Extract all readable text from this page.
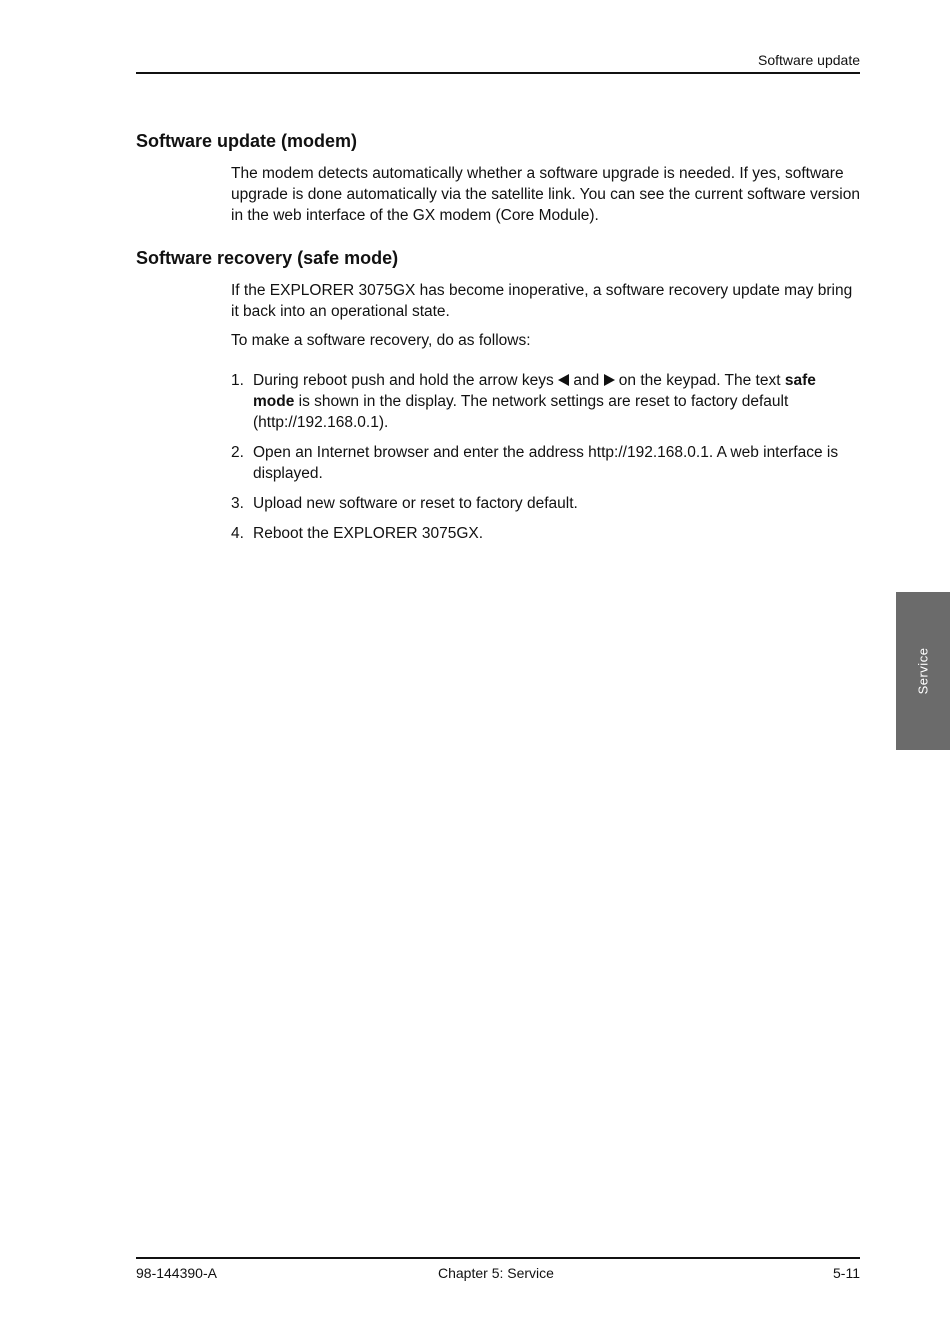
Software update
Software update (modem)

The modem detects automatically whether a software upgrade is needed. If yes, software upgrade is done automatically via the satellite link. You can see the current software version in the web interface of the GX modem (Core Module).

Software recovery (safe mode)

If the EXPLORER 3075GX has become inoperative, a software recovery update may bring it back into an operational state.

To make a software recovery, do as follows:

1. During reboot push and hold the arrow keys  and  on the keypad. The text safe mode is shown in the display. The network settings are reset to factory default (http://192.168.0.1).
2. Open an Internet browser and enter the address http://192.168.0.1. A web interface is displayed.
3. Upload new software or reset to factory default.
4. Reboot the EXPLORER 3075GX.
Service
98-144390-A	Chapter 5: Service	5-11
